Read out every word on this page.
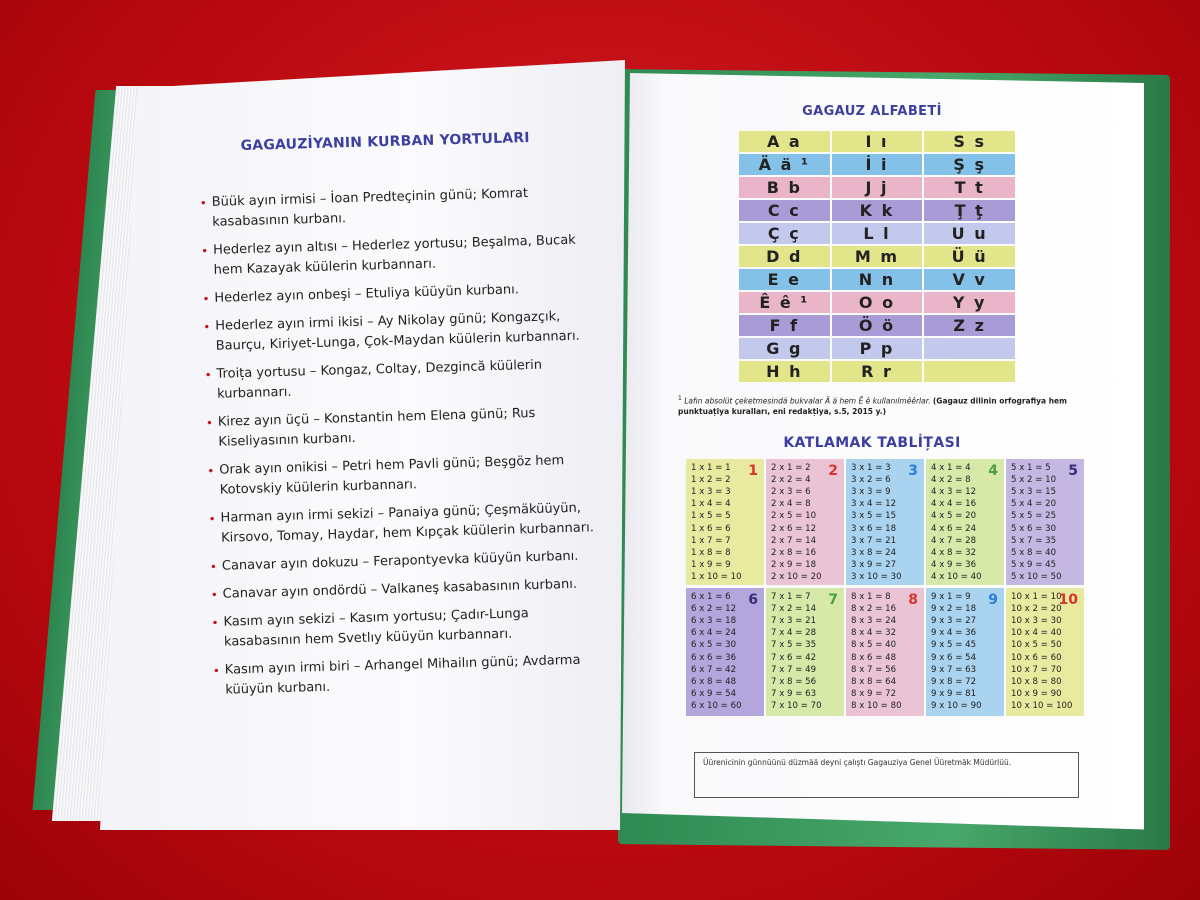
GAGAUZİYANIN KURBAN YORTULARI
• Büük ayın irmisi – İoan Predteçinin günü; Komrat
kasabasının kurbanı.
• Hederlez ayın altısı – Hederlez yortusu; Beşalma, Bucak
hem Kazayak küülerin kurbannarı.
• Hederlez ayın onbeşi – Etuliya küüyün kurbanı.
• Hederlez ayın irmi ikisi – Ay Nikolay günü; Kongazçık,
Baurçu, Kiriyet-Lunga, Çok-Maydan küülerin kurbannarı.
• Troița yortusu – Kongaz, Coltay, Dezgincă küülerin
kurbannarı.
• Kirez ayın üçü – Konstantin hem Elena günü; Rus
Kiseliyasının kurbanı.
• Orak ayın onikisi – Petri hem Pavli günü; Beşgöz hem
Kotovskiy küülerin kurbannarı.
• Harman ayın irmi sekizi – Panaiya günü; Çeşmäküüyün,
Kirsovo, Tomay, Haydar, hem Kıpçak küülerin kurbannarı.
• Canavar ayın dokuzu – Ferapontyevka küüyün kurbanı.
• Canavar ayın ondördü – Valkaneş kasabasının kurbanı.
• Kasım ayın sekizi – Kasım yortusu; Çadır-Lunga
kasabasının hem Svetlıy küüyün kurbannarı.
• Kasım ayın irmi biri – Arhangel Mihailın günü; Avdarma
küüyün kurbanı.
GAGAUZ ALFABETİ
A a	I ı	S s
Ä ä ¹	İ i	Ş ş
B b	J j	T t
C c	K k	Ţ ţ
Ç ç	L l	U u
D d	M m	Ü ü
E e	N n	V v
Ê ê ¹	O o	Y y
F f	Ö ö	Z z
G g	P p	
H h	R r	
$^1$ Lafın absolüt çeketmesindä bukvalar Ä ä hem Ê ê kullanılmêêrlar. (Gagauz dilinin orfografiya hem punktuațiya kuralları, eni redakțiya, s.5, 2015 y.)
KATLAMAK TABLİȚASI
1
1 x 1 = 1
1 x 2 = 2
1 x 3 = 3
1 x 4 = 4
1 x 5 = 5
1 x 6 = 6
1 x 7 = 7
1 x 8 = 8
1 x 9 = 9
1 x 10 = 10
2
2 x 1 = 2
2 x 2 = 4
2 x 3 = 6
2 x 4 = 8
2 x 5 = 10
2 x 6 = 12
2 x 7 = 14
2 x 8 = 16
2 x 9 = 18
2 x 10 = 20
3
3 x 1 = 3
3 x 2 = 6
3 x 3 = 9
3 x 4 = 12
3 x 5 = 15
3 x 6 = 18
3 x 7 = 21
3 x 8 = 24
3 x 9 = 27
3 x 10 = 30
4
4 x 1 = 4
4 x 2 = 8
4 x 3 = 12
4 x 4 = 16
4 x 5 = 20
4 x 6 = 24
4 x 7 = 28
4 x 8 = 32
4 x 9 = 36
4 x 10 = 40
5
5 x 1 = 5
5 x 2 = 10
5 x 3 = 15
5 x 4 = 20
5 x 5 = 25
5 x 6 = 30
5 x 7 = 35
5 x 8 = 40
5 x 9 = 45
5 x 10 = 50
6
6 x 1 = 6
6 x 2 = 12
6 x 3 = 18
6 x 4 = 24
6 x 5 = 30
6 x 6 = 36
6 x 7 = 42
6 x 8 = 48
6 x 9 = 54
6 x 10 = 60
7
7 x 1 = 7
7 x 2 = 14
7 x 3 = 21
7 x 4 = 28
7 x 5 = 35
7 x 6 = 42
7 x 7 = 49
7 x 8 = 56
7 x 9 = 63
7 x 10 = 70
8
8 x 1 = 8
8 x 2 = 16
8 x 3 = 24
8 x 4 = 32
8 x 5 = 40
8 x 6 = 48
8 x 7 = 56
8 x 8 = 64
8 x 9 = 72
8 x 10 = 80
9
9 x 1 = 9
9 x 2 = 18
9 x 3 = 27
9 x 4 = 36
9 x 5 = 45
9 x 6 = 54
9 x 7 = 63
9 x 8 = 72
9 x 9 = 81
9 x 10 = 90
10
10 x 1 = 10
10 x 2 = 20
10 x 3 = 30
10 x 4 = 40
10 x 5 = 50
10 x 6 = 60
10 x 7 = 70
10 x 8 = 80
10 x 9 = 90
10 x 10 = 100
Üürenicinin günnüünü düzmää deyni çalıştı Gagauziya Genel Üüretmäk Müdürlüü.
